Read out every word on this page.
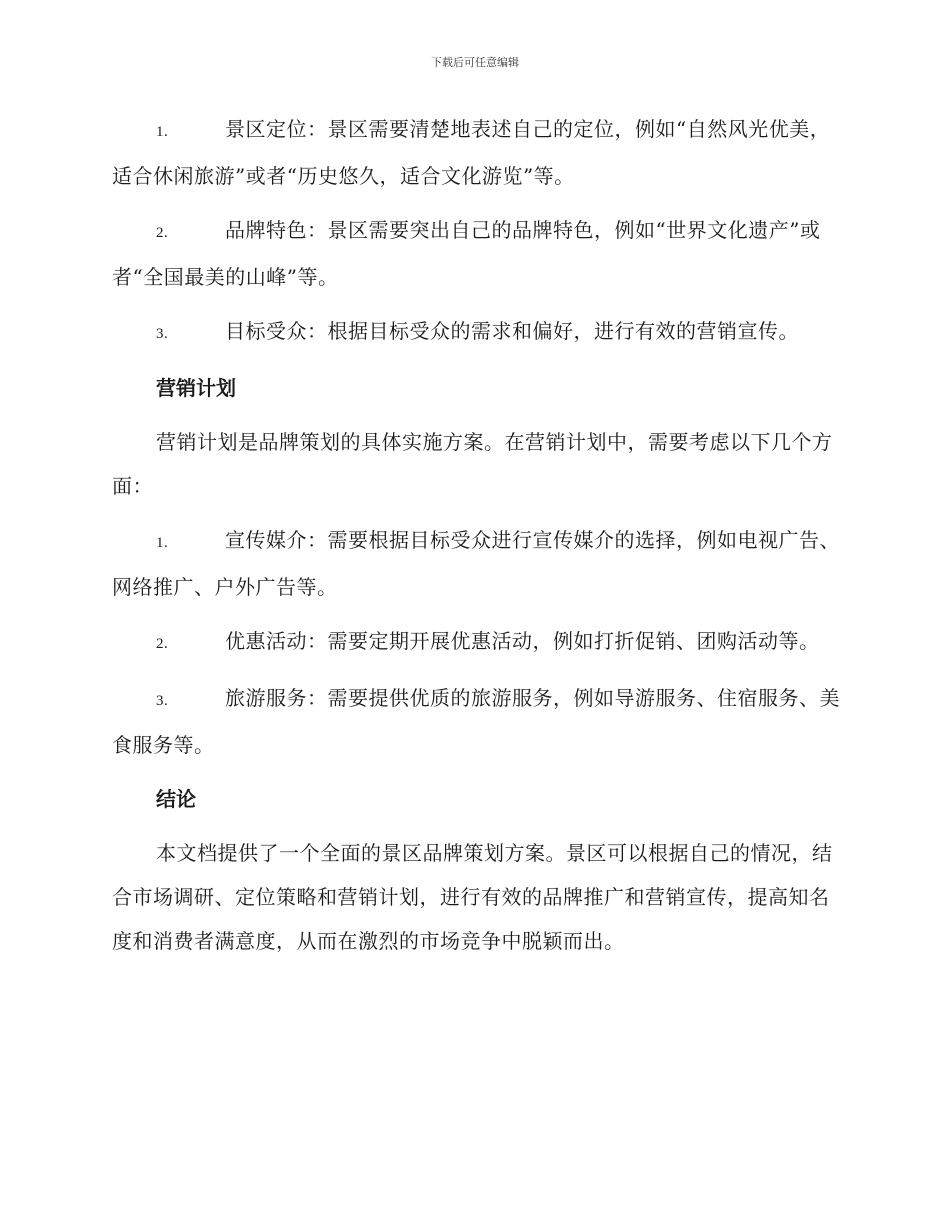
下载后可任意编辑

1.	景区定位：景区需要清楚地表述自己的定位，例如“自然风光优美，适合休闲旅游”或者“历史悠久，适合文化游览”等。

2.	品牌特色：景区需要突出自己的品牌特色，例如“世界文化遗产”或者“全国最美的山峰”等。

3.	目标受众：根据目标受众的需求和偏好，进行有效的营销宣传。

营销计划

营销计划是品牌策划的具体实施方案。在营销计划中，需要考虑以下几个方面：

1.	宣传媒介：需要根据目标受众进行宣传媒介的选择，例如电视广告、网络推广、户外广告等。

2.	优惠活动：需要定期开展优惠活动，例如打折促销、团购活动等。

3.	旅游服务：需要提供优质的旅游服务，例如导游服务、住宿服务、美食服务等。

结论

本文档提供了一个全面的景区品牌策划方案。景区可以根据自己的情况，结合市场调研、定位策略和营销计划，进行有效的品牌推广和营销宣传，提高知名度和消费者满意度，从而在激烈的市场竞争中脱颖而出。
